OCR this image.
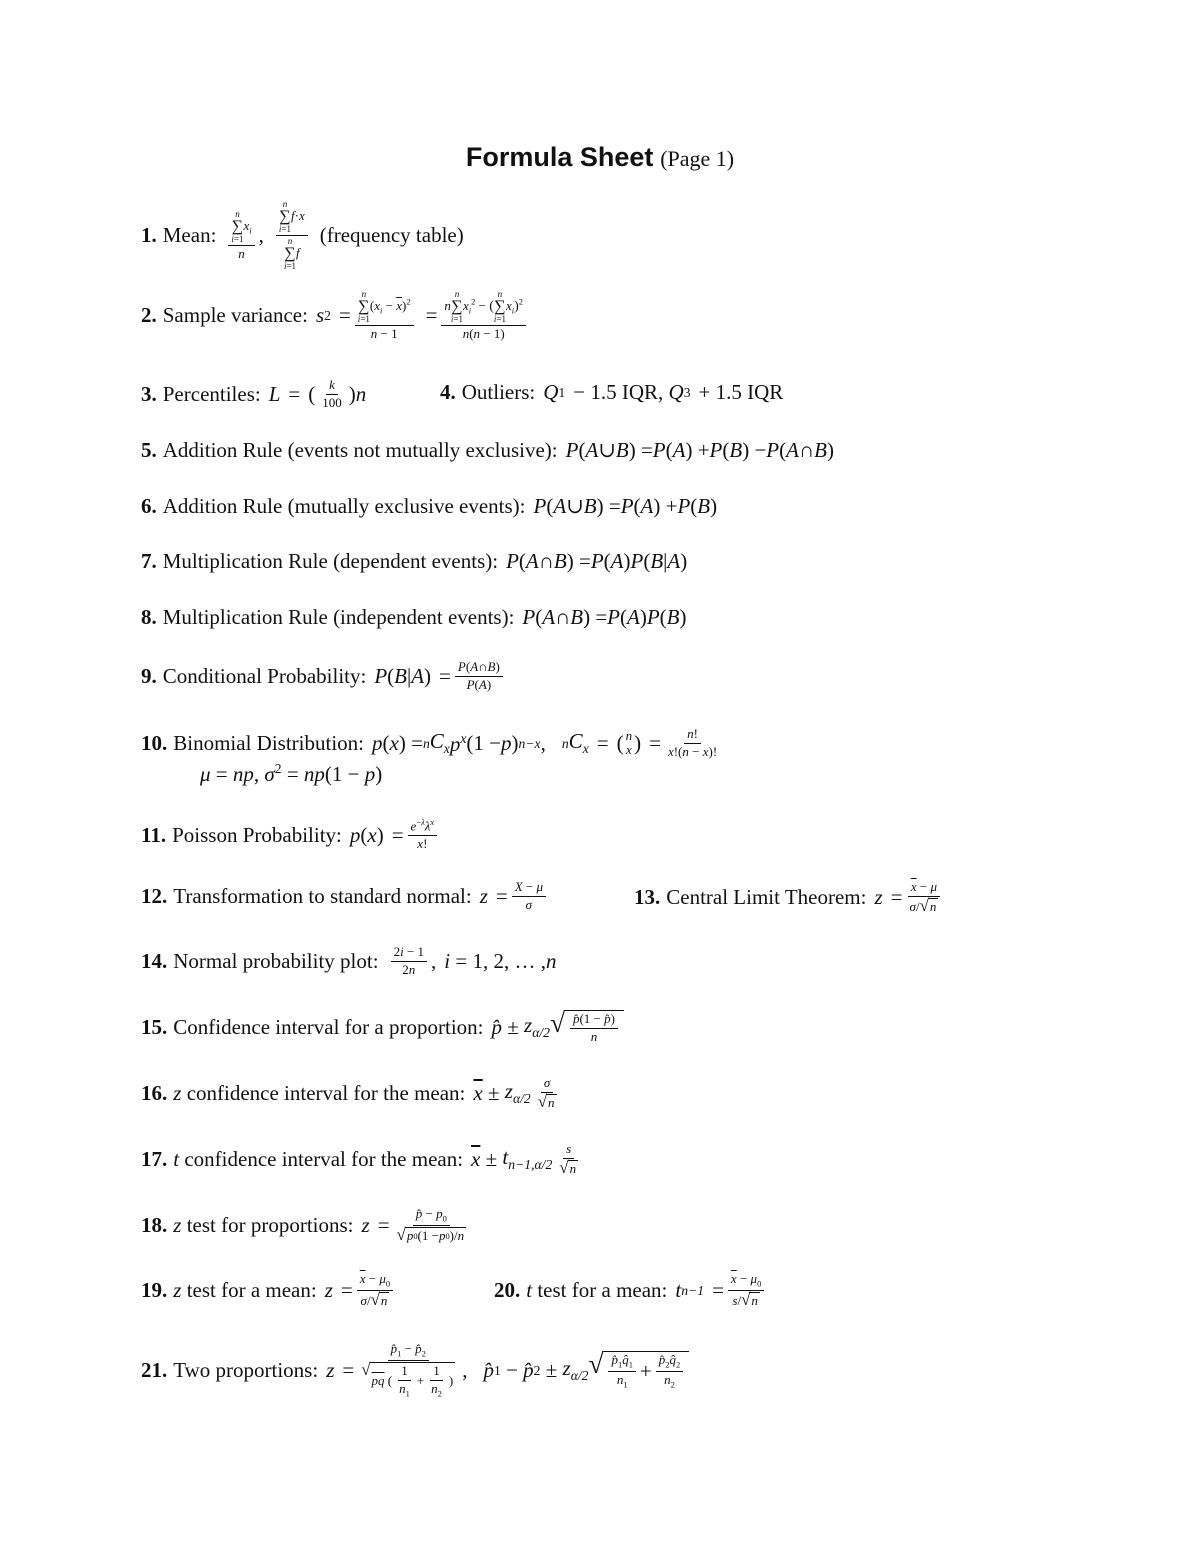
Formula Sheet (Page 1)
1. Mean: n
∑
i=1
$x_i$
n , n
∑
i=1
f·x
n
∑
i=1
f (frequency table)
2. Sample variance: s 2 = n
∑
i=1
$(x_i - \overline{x})^2$
n − 1 = n
n
∑
i=1
$x_i^2$ − (
n
∑
i=1
$x_i)^2$
n(n − 1)
3. Percentiles: L = ( $\frac{k}{100}$ ) n	4. Outliers: Q 1 − 1.5 IQR, Q 3 + 1.5 IQR
5. Addition Rule (events not mutually exclusive): P ( A ∪ B ) = P ( A ) + P ( B ) − P ( A ∩ B )
6. Addition Rule (mutually exclusive events): P ( A ∪ B ) = P ( A ) + P ( B )
7. Multiplication Rule (dependent events): P ( A ∩ B ) = P ( A ) P ( B | A )
8. Multiplication Rule (independent events): P ( A ∩ B ) = P ( A ) P ( B )
9. Conditional Probability: P ( B | A ) = $\frac{P(A\cap B)}{P(A)}$
10. Binomial Distribution: p ( x ) = n $C_x$ $p^x$ (1 − p ) n−x , n $C_x$ = ( n
x ) = $\frac{n!}{x!(n - x)!}$
μ = np, $\sigma^2 = np(1 - p)$
11. Poisson Probability: p ( x ) = $\frac{e^{-\lambda}\lambda^x}{x!}$
12. Transformation to standard normal: $z = \frac{X - \mu}{\sigma}$	13. Central Limit Theorem: $z = \frac{\overline{x} - \mu}{\sigma/ √ n}$
14. Normal probability plot: $\frac{2i - 1}{2n}$ , i = 1, 2, … , n
15. Confidence interval for a proportion: p̂ ± $z_{\alpha/2}$ √ $\frac{p̂(1 - p̂)}{n}$
16. z
confidence interval for the mean: $\overline{x} \pm z_{\alpha/2} \frac{\sigma}{√ n}$
17. t
confidence interval for the mean: $\overline{x} \pm t_{n-1,\alpha/2} \frac{s}{√ n}$
18. z
test for proportions: $z = \frac{p̂ - p_0}{√ p 0 (1 - p 0 )/ n}$
19. z
test for a mean: $z = \frac{\overline{x} - \mu_0}{\sigma/ √ n}$	20. t
test for a mean: t $n-1 = \frac{\overline{x} - \mu_0}{s/ √ n}$
21. Two proportions: $z = p̂_1$ − $p̂_2$
√
p $\overline{q}$ ( $\frac{1}{n_1} + \frac{1}{n_2}$ ) , p̂ 1 − p̂ $2 \pm z_{\alpha/2}$ √ $\frac{p̂_1q̂_1}{n_1} + \frac{p̂_2q̂_2}{n_2}$
